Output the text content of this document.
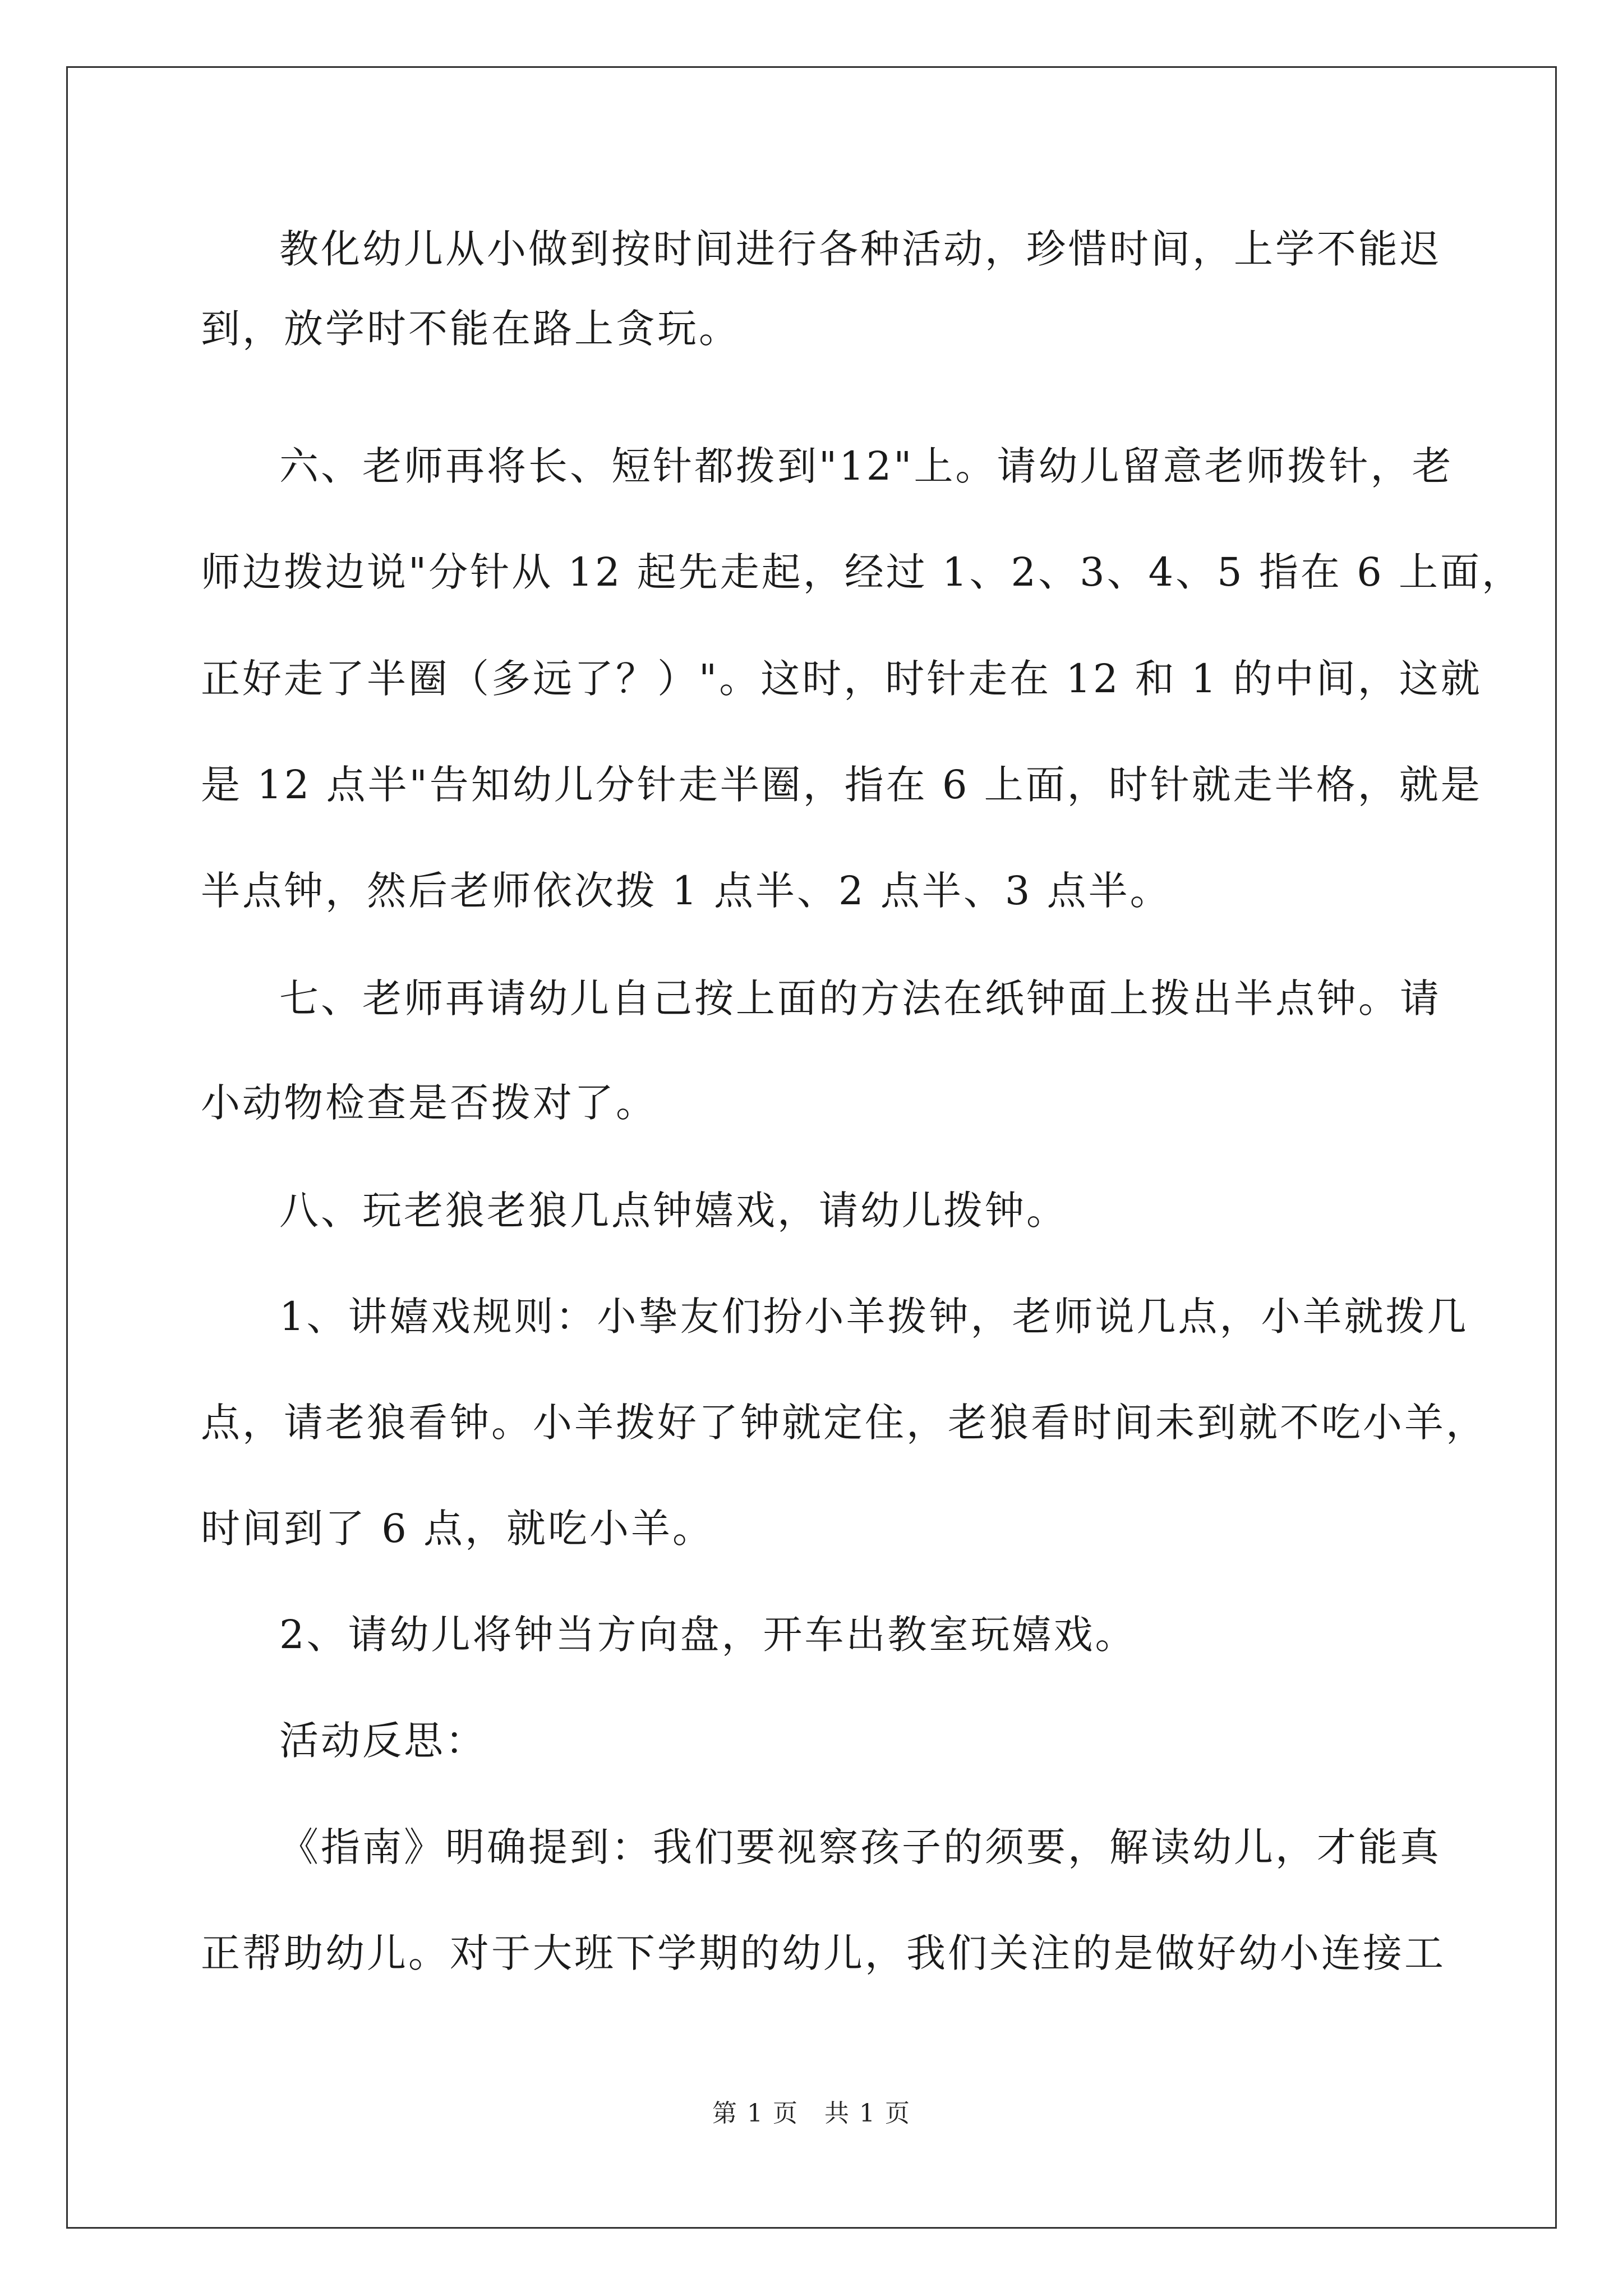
教化幼儿从小做到按时间进行各种活动，珍惜时间，上学不能迟
到，放学时不能在路上贪玩。
六、老师再将长、短针都拨到"12"上。请幼儿留意老师拨针，老
师边拨边说"分针从 12 起先走起，经过 1、2、3、4、5 指在 6 上面，
正好走了半圈（多远了？）"。这时，时针走在 12 和 1 的中间，这就
是 12 点半"告知幼儿分针走半圈，指在 6 上面，时针就走半格，就是
半点钟，然后老师依次拨 1 点半、2 点半、3 点半。
七、老师再请幼儿自己按上面的方法在纸钟面上拨出半点钟。请
小动物检查是否拨对了。
八、玩老狼老狼几点钟嬉戏，请幼儿拨钟。
1、讲嬉戏规则：小挚友们扮小羊拨钟，老师说几点，小羊就拨几
点，请老狼看钟。小羊拨好了钟就定住，老狼看时间未到就不吃小羊，
时间到了 6 点，就吃小羊。
2、请幼儿将钟当方向盘，开车出教室玩嬉戏。
活动反思：
《指南》明确提到：我们要视察孩子的须要，解读幼儿，才能真
正帮助幼儿。对于大班下学期的幼儿，我们关注的是做好幼小连接工
第 1 页　共 1 页
